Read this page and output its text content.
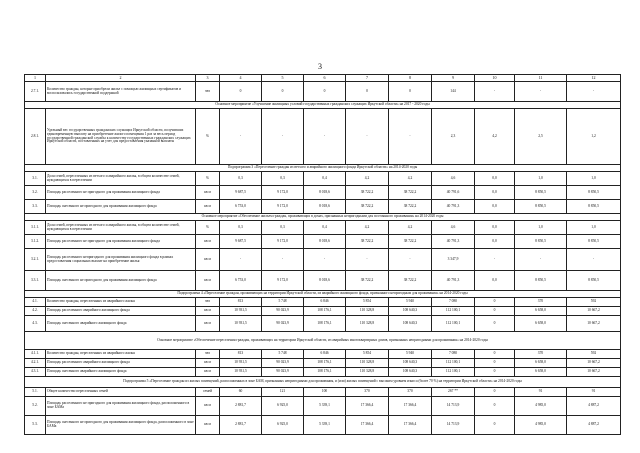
3
1	2	3	4	5	6	7	8	9	10	11	12
2.7.1.	Количество граждан, которые приобрели жилье с помощью жилищных сертификатов и воспользовались государственной поддержкой	чел	0	0	0	0	0	144	-	-	-
Основное мероприятие «Улучшение жилищных условий государственных гражданских служащих Иркутской области» на 2017 - 2020 годы											
2.8.1.	Удельный вес государственных гражданских служащих Иркутской области, получивших единовременную выплату на приобретение жилого помещения 1 раз за весь период государственной гражданской службы к количеству государственных гражданских служащих Иркутской области, поставленных на учет для предоставления указанной выплаты	%	-	-	-	-	-	2,3	4,2	2,5	1,2
Подпрограмма 3 «Переселение граждан из ветхого и аварийного жилищного фонда Иркутской области» на 2014-2020 годы											
3.1.	Доля семей, переселенных из ветхого и аварийного жилья, в общем количестве семей, нуждающихся в переселении	%	0,3	0,3	0,4	4,2	4,2	4,6	0,0	1,0	1,0
3.2.	Площадь расселенного не пригодного для проживания жилищного фонда	кв м	9 687,5	9 172,0	8 018,6	38 722,2	38 722,2	40 791,6	0,0	8 850,5	8 850,5
3.3.	Площадь снесенного не пригодного для проживания жилищного фонда	кв м	6 753,0	9 172,0	8 018,6	38 722,2	38 722,2	40 791,3	0,0	8 850,5	8 850,5
Основное мероприятие «Обеспечение жильем граждан, проживающих в домах, признанных непригодными для постоянного проживания» на 2014-2020 годы											
3.1.1.	Доля семей, переселенных из ветхого и аварийного жилья, в общем количестве семей, нуждающихся в переселении	%	0,3	0,3	0,4	4,2	4,2	4,6	0,0	1,0	1,0
3.1.2.	Площадь расселенного не пригодного для проживания жилищного фонда	кв м	9 687,5	9 172,0	8 018,6	38 722,2	38 722,2	40 791,3	0,0	8 850,5	8 850,5
3.2.1.	Площадь расселенного непригодного для проживания жилищного фонда в рамках предоставления социальных выплат на приобретение жилья	кв м	-	-	-	-	-	3 347,9	-	-	-
3.3.1.	Площадь снесенного не пригодного для проживания жилищного фонда	кв м	6 753,0	9 172,0	8 018,6	38 722,2	38 722,2	40 791,3	0,0	8 850,5	8 850,5
Подпрограмма 4 «Переселение граждан, проживающих на территории Иркутской области, из аварийного жилищного фонда, признанного непригодным для проживания» на 2014-2020 годы											
4.1.	Количество граждан, переселенных из аварийного жилья	чел	813	5 748	6 846	5 854	5 940	7 080	0	370	592
4.2.	Площадь расселенного аварийного жилищного фонда	кв м	10 931,5	90 023,9	108 176,1	110 328,8	108 640,3	112 100,1	0	6 658,0	10 667,2
4.3.	Площадь снесенного аварийного жилищного фонда	кв м	10 931,5	90 023,9	108 176,1	110 328,8	108 640,3	112 100,1	0	6 658,0	10 667,2
Основное мероприятие «Обеспечение переселения граждан, проживающих на территории Иркутской области, из аварийных многоквартирных домов, признанных непригодными для проживания» на 2014-2020 годы											
4.1.1.	Количество граждан, переселенных из аварийного жилья	чел	813	5 748	6 846	5 854	5 940	7 080	0	370	592
4.2.1.	Площадь расселенного аварийного жилищного фонда	кв м	10 931,5	90 023,9	108 176,1	110 328,8	108 640,3	112 100,1	0	6 658,0	10 667,2
4.3.1.	Площадь снесенного аварийного жилищного фонда	кв м	10 931,5	90 023,9	108 176,1	110 328,8	108 640,3	112 100,1	0	6 658,0	10 667,2
Подпрограмма 5 «Переселение граждан из жилых помещений, расположенных в зоне БАМ, признанных непригодными для проживания, и (или) жилых помещений с высоким уровнем износа (более 70 %) на территории Иркутской области» на 2014-2020 годы											
5.1.	Общее количество переселенных семей	семей	60	121	100	370	370	267 **	0	91	91
5.2.	Площадь расселенного не пригодного для проживания жилищного фонда, расположенного в зоне БАМа	кв м	2 881,7	6 925,0	5 339,1	17 366,4	17 366,4	14 713,9	0	4 985,0	4 887,2
5.3.	Площадь снесенного не пригодного для проживания жилищного фонда, расположенного в зоне БАМа	кв м	2 881,7	6 925,0	5 339,1	17 366,4	17 366,4	14 713,9	0	4 985,0	4 887,2
